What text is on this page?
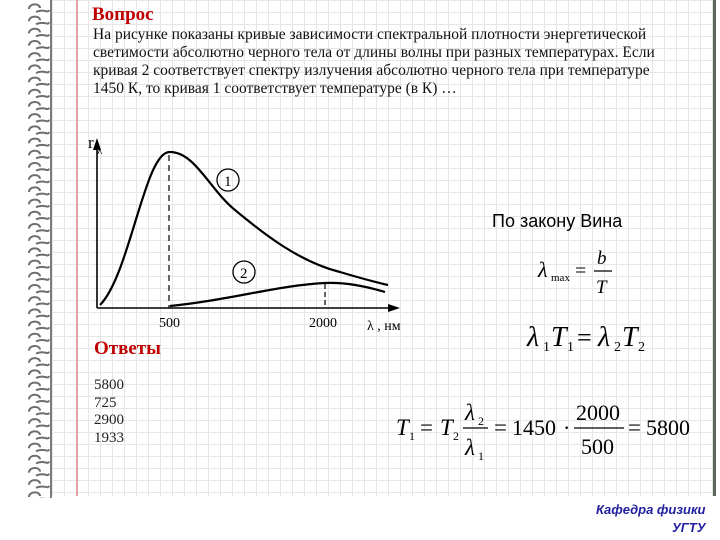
Вопрос
На рисунке показаны кривые зависимости спектральной плотности энергетической светимости абсолютно черного тела от длины волны при разных температурах. Если кривая 2 соответствует спектру излучения абсолютно черного тела при температуре 1450 К, то кривая 1 соответствует температуре (в К) …
r λ
500	2000 λ , нм
1
2	λ max =
b
T
λ 1 T 1 = λ 2 T 2
T 1 = T 2
λ 2
λ 1
= 1450 ·
2000
500
= 5800
По закону Вина
Ответы
5800
725
2900
1933
Кафедра физики
УГТУ
